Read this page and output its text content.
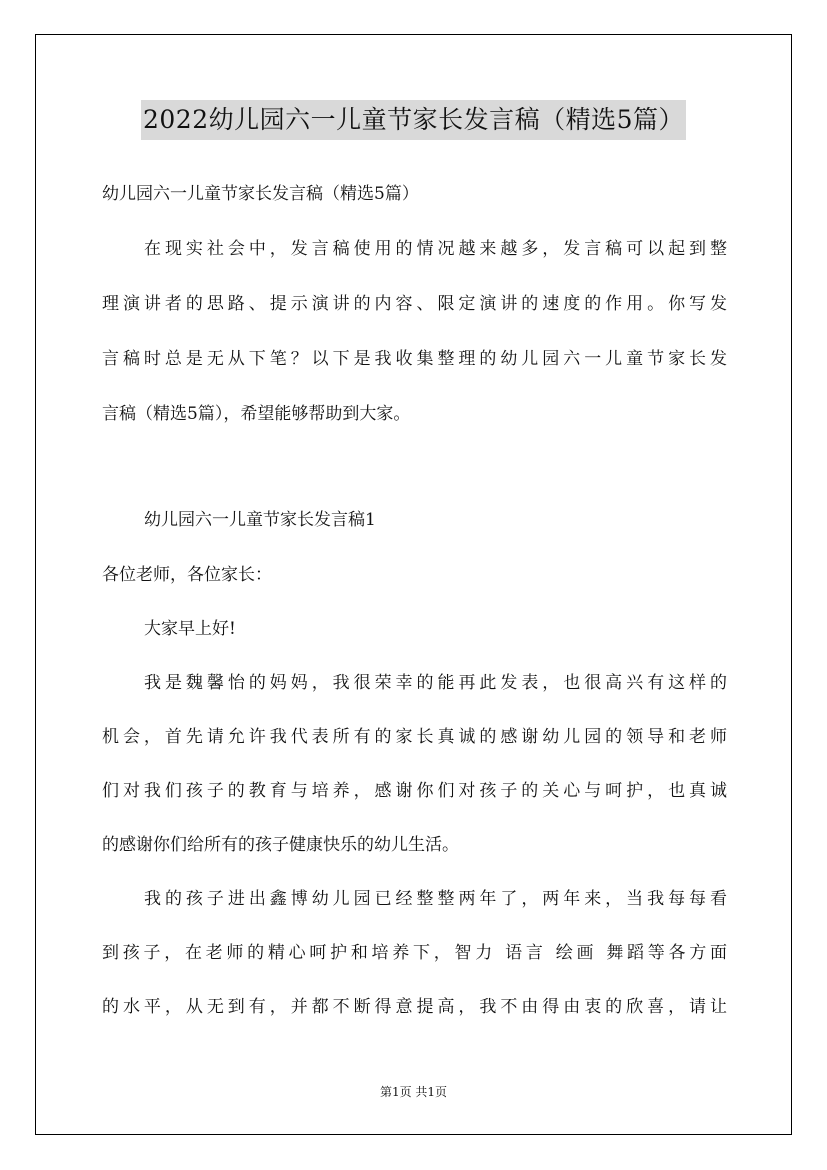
2022幼儿园六一儿童节家长发言稿（精选5篇）
幼儿园六一儿童节家长发言稿（精选5篇）
在现实社会中，发言稿使用的情况越来越多，发言稿可以起到整
理演讲者的思路、提示演讲的内容、限定演讲的速度的作用。你写发
言稿时总是无从下笔？以下是我收集整理的幼儿园六一儿童节家长发
言稿（精选5篇），希望能够帮助到大家。
幼儿园六一儿童节家长发言稿1
各位老师，各位家长：
大家早上好!
我是魏馨怡的妈妈，我很荣幸的能再此发表，也很高兴有这样的
机会，首先请允许我代表所有的家长真诚的感谢幼儿园的领导和老师
们对我们孩子的教育与培养，感谢你们对孩子的关心与呵护，也真诚
的感谢你们给所有的孩子健康快乐的幼儿生活。
我的孩子进出鑫博幼儿园已经整整两年了，两年来，当我每每看
到孩子，在老师的精心呵护和培养下，智力 语言 绘画 舞蹈等各方面
的水平，从无到有，并都不断得意提高，我不由得由衷的欣喜，请让
第1页 共1页
